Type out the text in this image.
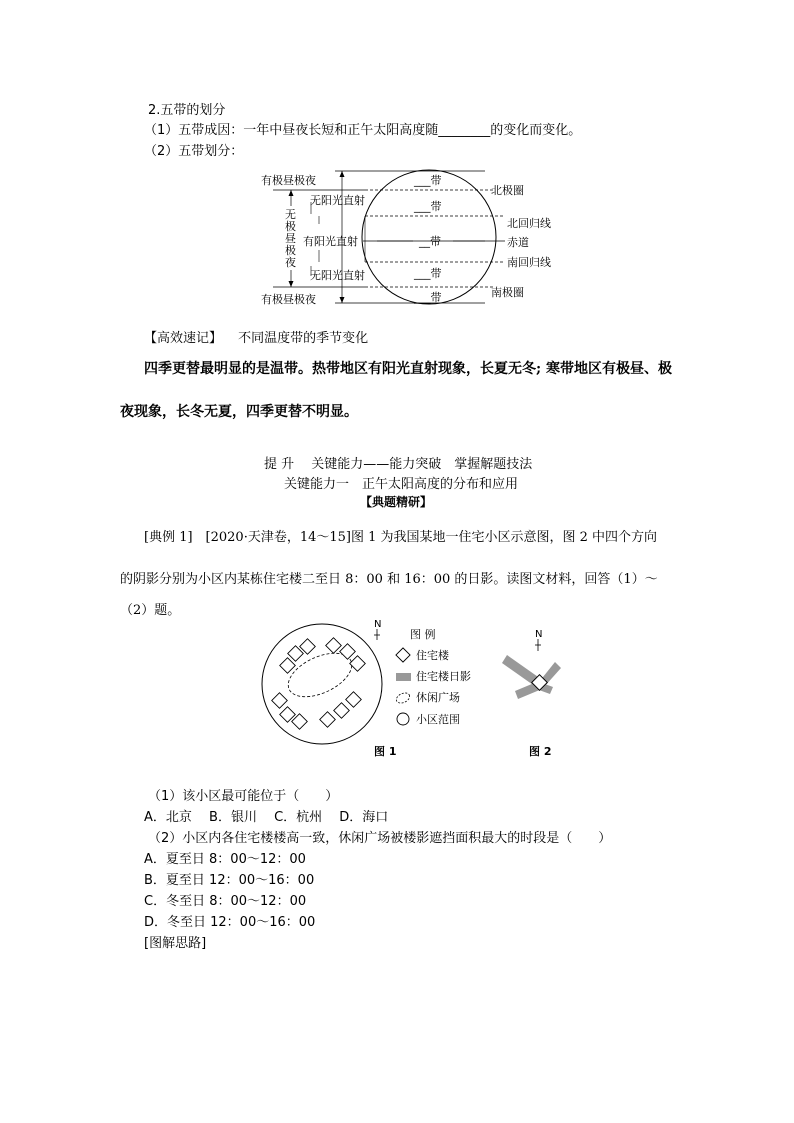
2.五带的划分
（1）五带成因：一年中昼夜长短和正午太阳高度随________的变化而变化。
（2）五带划分：
有极昼极夜
无阳光直射
有阳光直射
无阳光直射
有极昼极夜
无
极
昼
极
夜
___带
___带
__带
___带
___带
北极圈
北回归线
赤道
南回归线
南极圈
【高效速记】 不同温度带的季节变化
四季更替最明显的是温带。热带地区有阳光直射现象，长夏无冬; 寒带地区有极昼、极
夜现象，长冬无夏，四季更替不明显。
提 升　 关键能力——能力突破　掌握解题技法
关键能力一　正午太阳高度的分布和应用
【典题精研】
[典例 1]　[2020·天津卷，14～15]图 1 为我国某地一住宅小区示意图，图 2 中四个方向
的阴影分别为小区内某栋住宅楼二至日 8：00 和 16：00 的日影。读图文材料，回答（1）～
（2）题。
N
图 例
住宅楼
住宅楼日影
休闲广场
小区范围
图 1
N
图 2
（1）该小区最可能位于（　　）
A．北京　 B．银川　 C．杭州　 D．海口
（2）小区内各住宅楼楼高一致，休闲广场被楼影遮挡面积最大的时段是（　　）
A．夏至日 8：00～12：00
B．夏至日 12：00～16：00
C．冬至日 8：00～12：00
D．冬至日 12：00～16：00
[图解思路]
